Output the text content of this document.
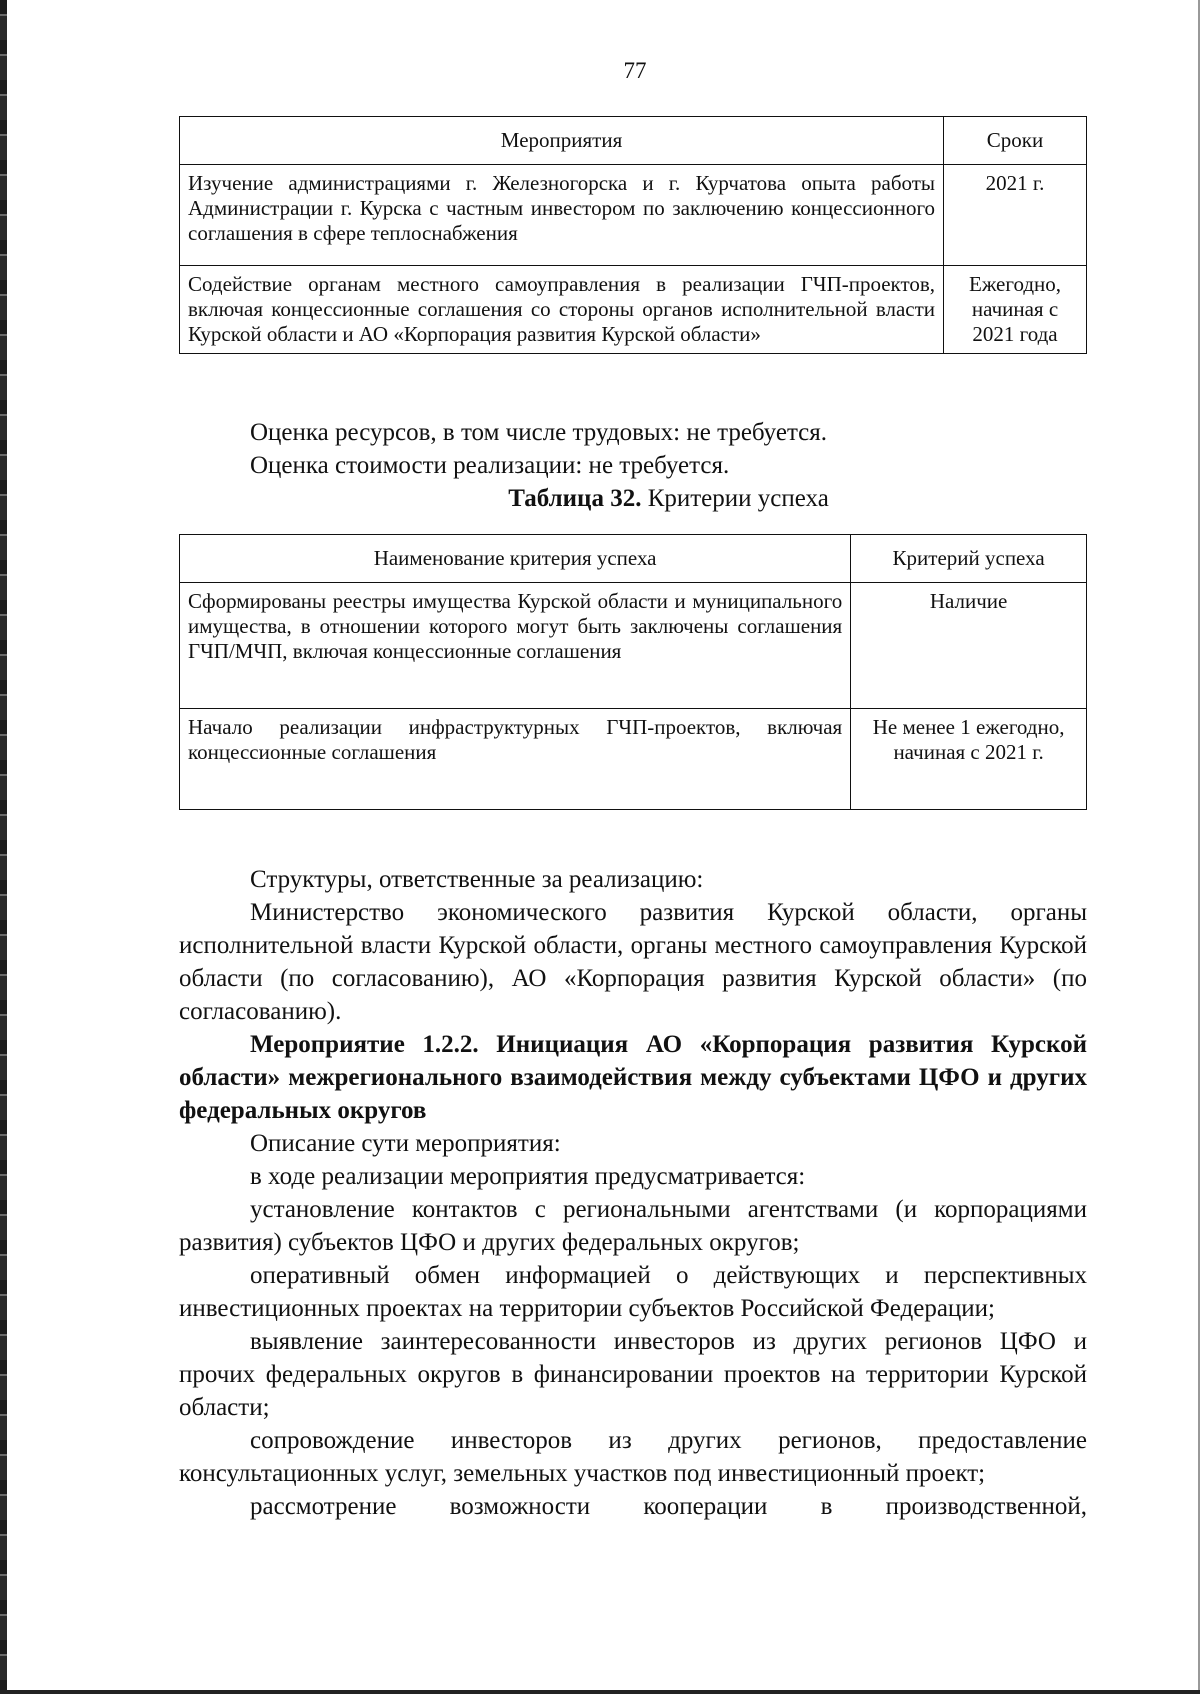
77
Мероприятия	Сроки
Изучение администрациями г. Железногорска и г. Курчатова опыта работы Администрации г. Курска с частным инвестором по заключению концессионного соглашения в сфере теплоснабжения	2021 г.
Содействие органам местного самоуправления в реализации ГЧП-проектов, включая концессионные соглашения со стороны органов исполнительной власти Курской области и АО «Корпорация развития Курской области»	Ежегодно, начиная с 2021 года

Оценка ресурсов, в том числе трудовых: не требуется.

Оценка стоимости реализации: не требуется.

Таблица 32. Критерии успеха

Наименование критерия успеха	Критерий успеха
Сформированы реестры имущества Курской области и муниципального имущества, в отношении которого могут быть заключены соглашения ГЧП/МЧП, включая концессионные соглашения	Наличие
Начало реализации инфраструктурных ГЧП-проектов, включая концессионные соглашения	Не менее 1 ежегодно, начиная с 2021 г.

Структуры, ответственные за реализацию:

Министерство экономического развития Курской области, органы исполнительной власти Курской области, органы местного самоуправления Курской области (по согласованию), АО «Корпорация развития Курской области» (по согласованию).

Мероприятие 1.2.2. Инициация АО «Корпорация развития Курской области» межрегионального взаимодействия между субъектами ЦФО и других федеральных округов

Описание сути мероприятия:

в ходе реализации мероприятия предусматривается:

установление контактов с региональными агентствами (и корпорациями развития) субъектов ЦФО и других федеральных округов;

оперативный обмен информацией о действующих и перспективных инвестиционных проектах на территории субъектов Российской Федерации;

выявление заинтересованности инвесторов из других регионов ЦФО и прочих федеральных округов в финансировании проектов на территории Курской области;

сопровождение инвесторов из других регионов, предоставление консультационных услуг, земельных участков под инвестиционный проект;

рассмотрение возможности кооперации в производственной,
